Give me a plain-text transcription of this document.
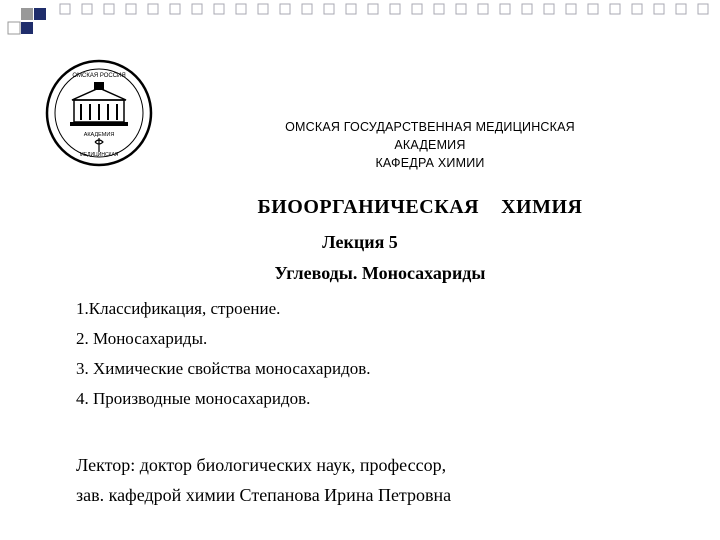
ОМСКАЯ РОССИЯ
АКАДЕМИЯ
МЕДИЦИНСКАЯ
ОМСКАЯ ГОСУДАРСТВЕННАЯ МЕДИЦИНСКАЯ
АКАДЕМИЯ
КАФЕДРА ХИМИИ
БИООРГАНИЧЕСКАЯ    ХИМИЯ
Лекция 5
Углеводы. Моносахариды
1.Классификация, строение.
2. Моносахариды.
3. Химические свойства моносахаридов.
4. Производные моносахаридов.
Лектор: доктор биологических наук, профессор,
зав. кафедрой химии Степанова Ирина Петровна
